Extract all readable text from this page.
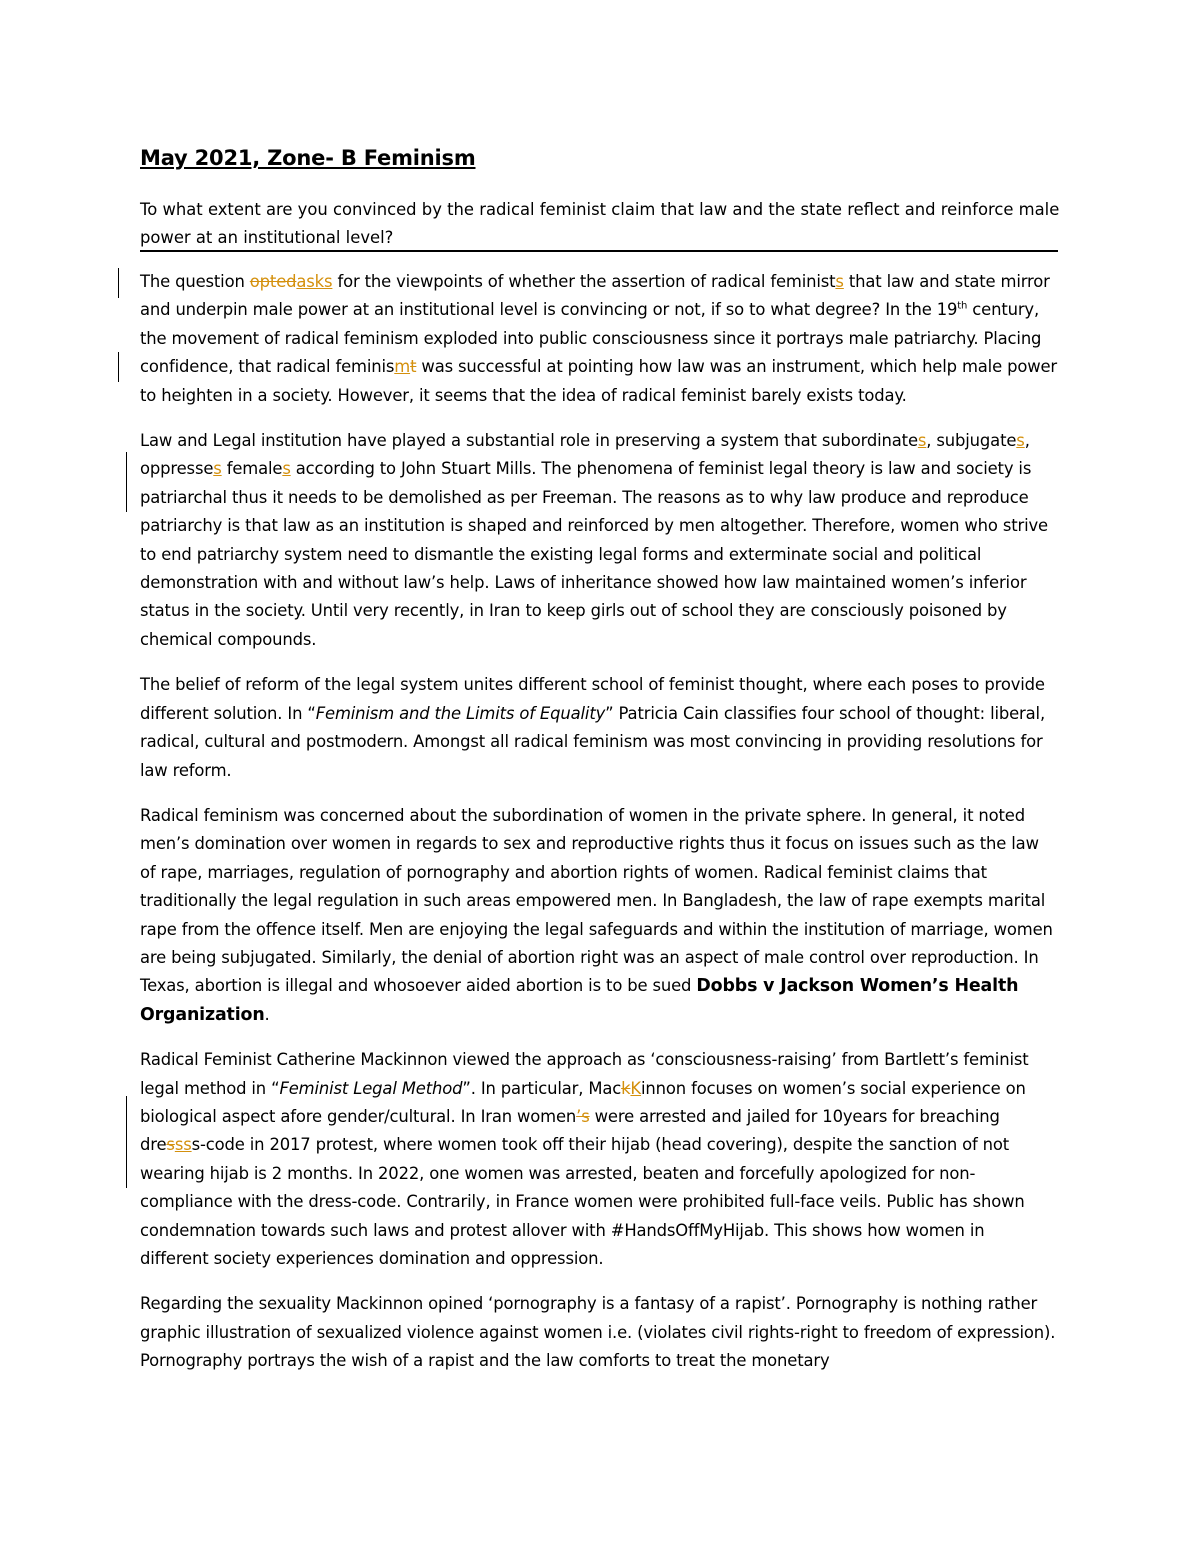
May 2021, Zone- B Feminism

To what extent are you convinced by the radical feminist claim that law and the state reflect and reinforce male power at an institutional level?

The question optedasks for the viewpoints of whether the assertion of radical feminists that law and state mirror and underpin male power at an institutional level is convincing or not, if so to what degree? In the 19th century, the movement of radical feminism exploded into public consciousness since it portrays male patriarchy. Placing confidence, that radical feminismt was successful at pointing how law was an instrument, which help male power to heighten in a society. However, it seems that the idea of radical feminist barely exists today.

Law and Legal institution have played a substantial role in preserving a system that subordinates, subjugates, oppresses females according to John Stuart Mills. The phenomena of feminist legal theory is law and society is patriarchal thus it needs to be demolished as per Freeman. The reasons as to why law produce and reproduce patriarchy is that law as an institution is shaped and reinforced by men altogether. Therefore, women who strive to end patriarchy system need to dismantle the existing legal forms and exterminate social and political demonstration with and without law’s help. Laws of inheritance showed how law maintained women’s inferior status in the society. Until very recently, in Iran to keep girls out of school they are consciously poisoned by chemical compounds.

The belief of reform of the legal system unites different school of feminist thought, where each poses to provide different solution. In “Feminism and the Limits of Equality” Patricia Cain classifies four school of thought: liberal, radical, cultural and postmodern. Amongst all radical feminism was most convincing in providing resolutions for law reform.

Radical feminism was concerned about the subordination of women in the private sphere. In general, it noted men’s domination over women in regards to sex and reproductive rights thus it focus on issues such as the law of rape, marriages, regulation of pornography and abortion rights of women. Radical feminist claims that traditionally the legal regulation in such areas empowered men. In Bangladesh, the law of rape exempts marital rape from the offence itself. Men are enjoying the legal safeguards and within the institution of marriage, women are being subjugated. Similarly, the denial of abortion right was an aspect of male control over reproduction. In Texas, abortion is illegal and whosoever aided abortion is to be sued Dobbs v Jackson Women’s Health Organization.

Radical Feminist Catherine Mackinnon viewed the approach as ‘consciousness-raising’ from Bartlett’s feminist legal method in “Feminist Legal Method”. In particular, MackKinnon focuses on women’s social experience on biological aspect afore gender/cultural. In Iran women’s were arrested and jailed for 10years for breaching dressss-code in 2017 protest, where women took off their hijab (head covering), despite the sanction of not wearing hijab is 2 months. In 2022, one women was arrested, beaten and forcefully apologized for non-compliance with the dress-code. Contrarily, in France women were prohibited full-face veils. Public has shown condemnation towards such laws and protest allover with #HandsOffMyHijab. This shows how women in different society experiences domination and oppression.

Regarding the sexuality Mackinnon opined ‘pornography is a fantasy of a rapist’. Pornography is nothing rather graphic illustration of sexualized violence against women i.e. (violates civil rights-right to freedom of expression). Pornography portrays the wish of a rapist and the law comforts to treat the monetary
